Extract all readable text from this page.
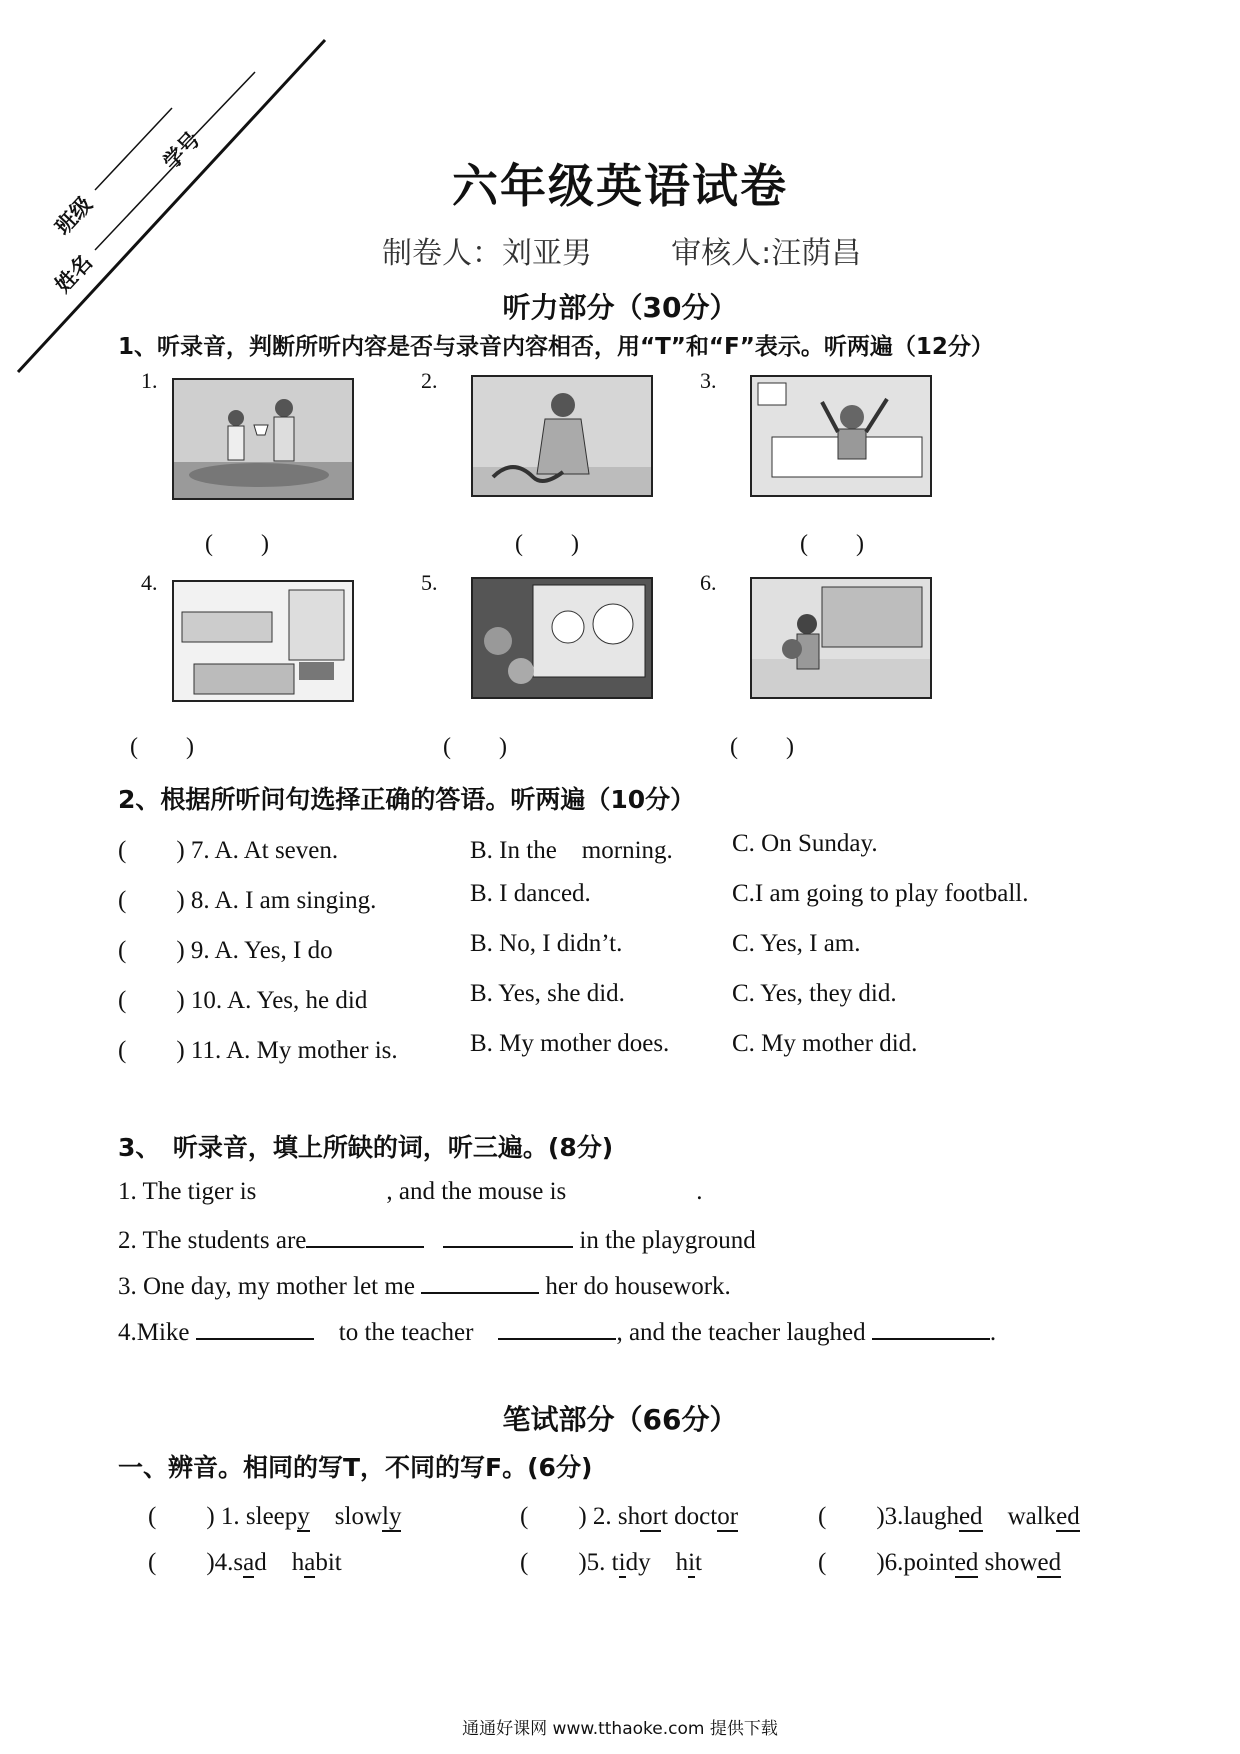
班级
学号
姓名
六年级英语试卷
制卷人：刘亚男	审核人:汪荫昌
听力部分（30分）
1、听录音，判断所听内容是否与录音内容相否，用“T”和“F”表示。听两遍（12分）
1.	2.	3.
(　　)	(　　)	(　　)
4.	5.	6.
(　　)	(　　)	(　　)
2、根据所听问句选择正确的答语。听两遍（10分）
(　　) 7. A. At seven.	B. In the　morning. C. On Sunday.
(　　) 8. A. I am singing.	B. I danced.	C.I am going to play football.
(　　) 9. A. Yes, I do	B. No, I didn’t.	C. Yes, I am.
(　　) 10. A. Yes, he did	B. Yes, she did.	C. Yes, they did.
(　　) 11. A. My mother is.	B. My mother does.	C. My mother did.
3、　听录音，填上所缺的词，听三遍。(8分)
1. The tiger is	, and the mouse is	.
2. The students are	in the playground
3. One day, my mother let me	her do housework.
4.Mike	to the teacher	, and the teacher laughed	.
笔试部分（66分）
一、辨音。相同的写T，不同的写F。(6分)
(　　) 1. sleepy slowly	(　　) 2. short doctor	(　　)3.laughed walked
(　　)4.sad habit	(　　)5. tidy hit	(　　)6.pointed showed
通通好课网 www.tthaoke.com 提供下载
